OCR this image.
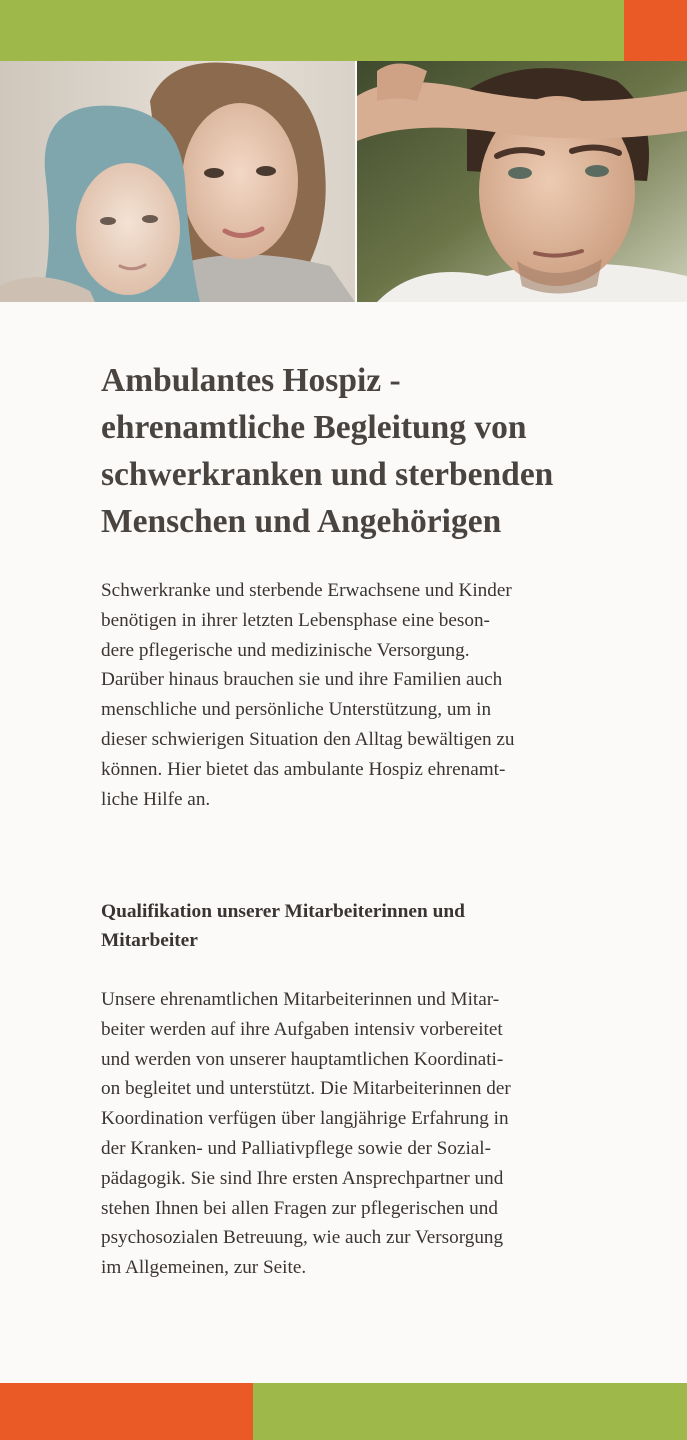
Ambulantes Hospiz -
ehrenamtliche Begleitung von
schwerkranken und sterbenden
Menschen und Angehörigen

Schwerkranke und sterbende Erwachsene und Kinder
benötigen in ihrer letzten Lebensphase eine beson-
dere pflegerische und medizinische Versorgung.
Darüber hinaus brauchen sie und ihre Familien auch
menschliche und persönliche Unterstützung, um in
dieser schwierigen Situation den Alltag bewältigen zu
können. Hier bietet das ambulante Hospiz ehrenamt-
liche Hilfe an.

Qualifikation unserer Mitarbeiterinnen und
Mitarbeiter

Unsere ehrenamtlichen Mitarbeiterinnen und Mitar-
beiter werden auf ihre Aufgaben intensiv vorbereitet
und werden von unserer hauptamtlichen Koordinati-
on begleitet und unterstützt. Die Mitarbeiterinnen der
Koordination verfügen über langjährige Erfahrung in
der Kranken- und Palliativpflege sowie der Sozial-
pädagogik. Sie sind Ihre ersten Ansprechpartner und
stehen Ihnen bei allen Fragen zur pflegerischen und
psychosozialen Betreuung, wie auch zur Versorgung
im Allgemeinen, zur Seite.
